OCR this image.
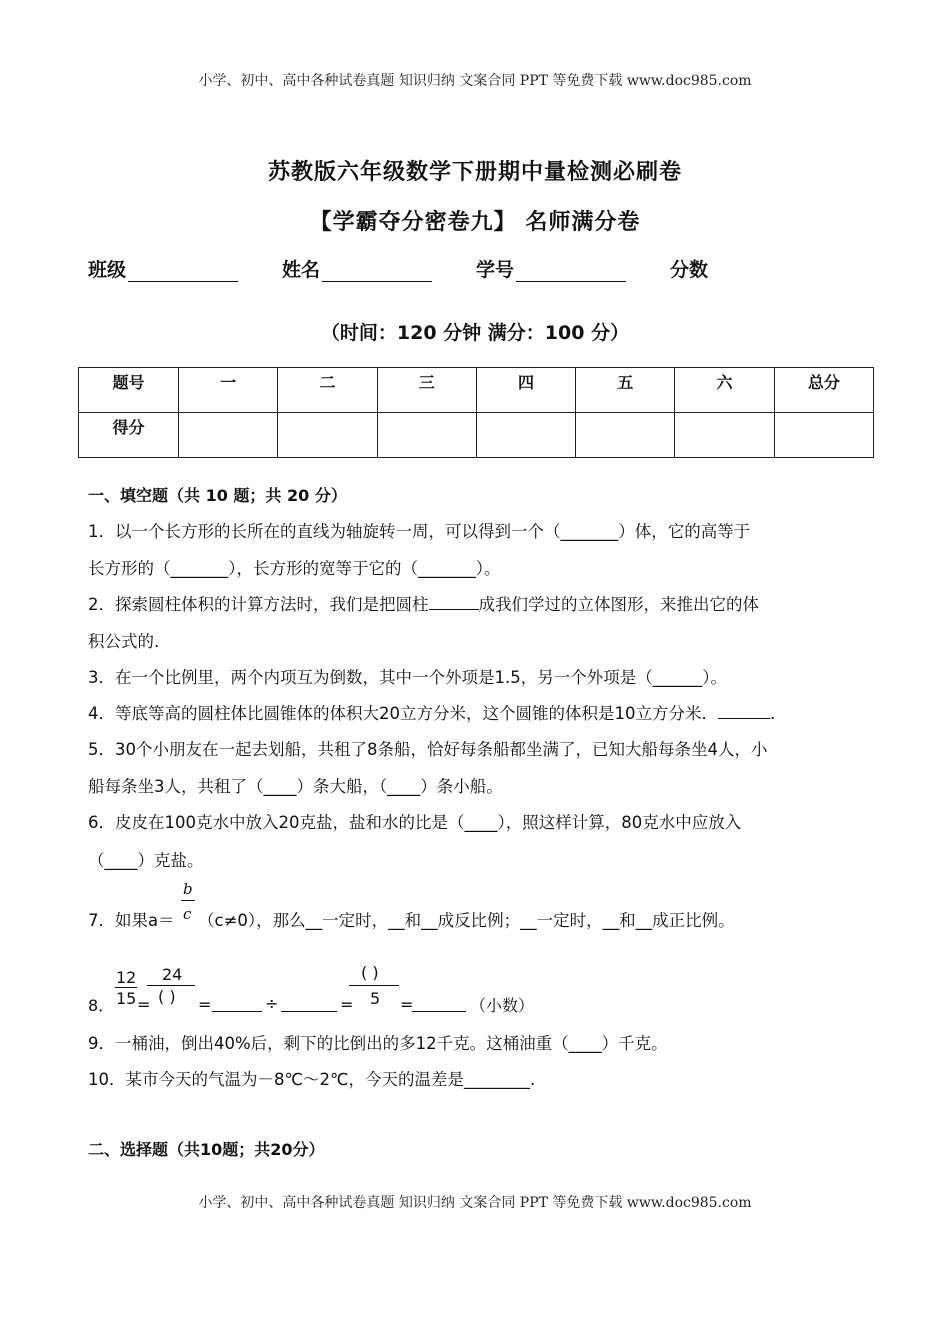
小学、初中、高中各种试卷真题 知识归纳 文案合同 PPT 等免费下载 www.doc985.com
苏教版六年级数学下册期中量检测必刷卷
【学霸夺分密卷九】 名师满分卷
班级	姓名	学号	分数
（时间：120 分钟 满分：100 分）
题号	一	二	三	四	五	六	总分
得分							
一、填空题（共 10 题；共 20 分）
1．以一个长方形的长所在的直线为轴旋转一周，可以得到一个（_______）体，它的高等于
长方形的（_______），长方形的宽等于它的（_______）。
2．探索圆柱体积的计算方法时，我们是把圆柱	成我们学过的立体图形，来推出它的体
积公式的.
3．在一个比例里，两个内项互为倒数，其中一个外项是1.5，另一个外项是（______）。
4．等底等高的圆柱体比圆锥体的体积大20立方分米，这个圆锥的体积是10立方分米．	.
5．30个小朋友在一起去划船，共租了8条船，恰好每条船都坐满了，已知大船每条坐4人，小
船每条坐3人，共租了（____）条大船，（____）条小船。
6．皮皮在100克水中放入20克盐，盐和水的比是（____），照这样计算，80克水中应放入
（____）克盐。
7．如果a＝
b
c （c≠0），那么__一定时，__和__成反比例；__一定时，__和__成正比例。
8．
12
15 =
24
( ) =	÷	=
( )
5 =	（小数）
9．一桶油，倒出40%后，剩下的比倒出的多12千克。这桶油重（____）千克。
10．某市今天的气温为－8℃～2℃，今天的温差是________.
二、选择题（共10题；共20分）
小学、初中、高中各种试卷真题 知识归纳 文案合同 PPT 等免费下载 www.doc985.com
